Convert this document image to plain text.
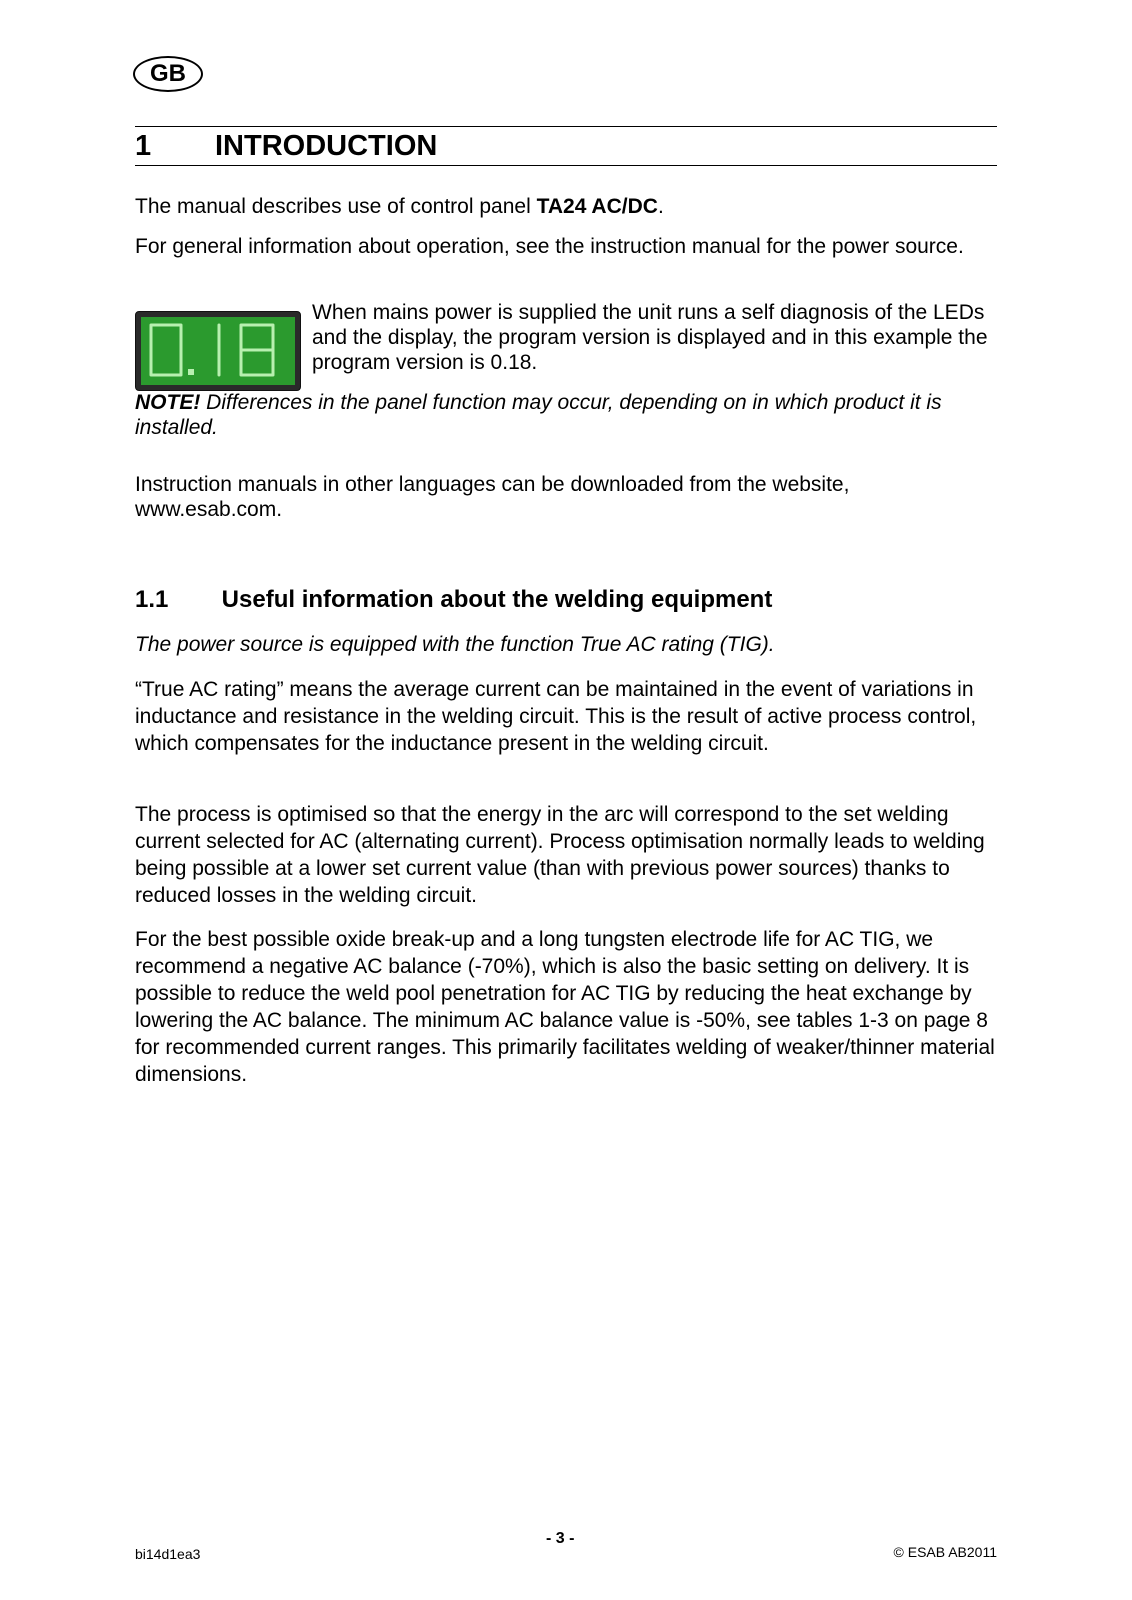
GB
1	INTRODUCTION
The manual describes use of control panel TA24 AC/DC.
For general information about operation, see the instruction manual for the power source.
When mains power is supplied the unit runs a self diagnosis of the LEDs and the display, the program version is displayed and in this example the program version is 0.18.
NOTE! Differences in the panel function may occur, depending on in which product it is installed.
Instruction manuals in other languages can be downloaded from the website, www.esab.com.
1.1 Useful information about the welding equipment
The power source is equipped with the function True AC rating (TIG).
“True AC rating” means the average current can be maintained in the event of variations in inductance and resistance in the welding circuit. This is the result of active process control, which compensates for the inductance present in the welding circuit.
The process is optimised so that the energy in the arc will correspond to the set welding current selected for AC (alternating current). Process optimisation normally leads to welding being possible at a lower set current value (than with previous power sources) thanks to reduced losses in the welding circuit.
For the best possible oxide break-up and a long tungsten electrode life for AC TIG, we recommend a negative AC balance (-70%), which is also the basic setting on delivery. It is possible to reduce the weld pool penetration for AC TIG by reducing the heat exchange by lowering the AC balance. The minimum AC balance value is -50%, see tables 1-3 on page 8 for recommended current ranges. This primarily facilitates welding of weaker/thinner material dimensions.
bi14d1ea3
- 3 -
© ESAB AB2011
